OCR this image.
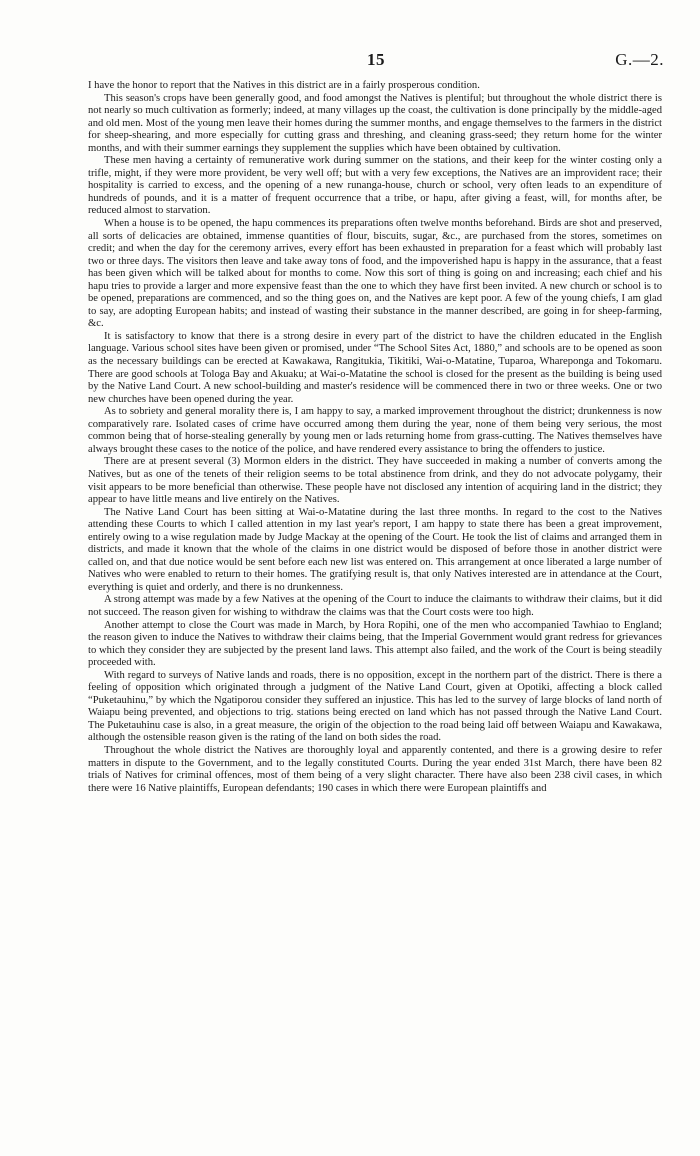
15	G.—2.

I have the honor to report that the Natives in this district are in a fairly prosperous condition.

This season's crops have been generally good, and food amongst the Natives is plentiful; but throughout the whole district there is not nearly so much cultivation as formerly; indeed, at many villages up the coast, the cultivation is done principally by the middle-aged and old men. Most of the young men leave their homes during the summer months, and engage themselves to the farmers in the district for sheep-shearing, and more especially for cutting grass and threshing, and cleaning grass-seed; they return home for the winter months, and with their summer earnings they supplement the supplies which have been obtained by cultivation.

These men having a certainty of remunerative work during summer on the stations, and their keep for the winter costing only a trifle, might, if they were more provident, be very well off; but with a very few exceptions, the Natives are an improvident race; their hospitality is carried to excess, and the opening of a new runanga-house, church or school, very often leads to an expenditure of hundreds of pounds, and it is a matter of frequent occurrence that a tribe, or hapu, after giving a feast, will, for months after, be reduced almost to starvation.

When a house is to be opened, the hapu commences its preparations often twelve months beforehand. Birds are shot and preserved, all sorts of delicacies are obtained, immense quantities of flour, biscuits, sugar, &c., are purchased from the stores, sometimes on credit; and when the day for the ceremony arrives, every effort has been exhausted in preparation for a feast which will probably last two or three days. The visitors then leave and take away tons of food, and the impoverished hapu is happy in the assurance, that a feast has been given which will be talked about for months to come. Now this sort of thing is going on and increasing; each chief and his hapu tries to provide a larger and more expensive feast than the one to which they have first been invited. A new church or school is to be opened, preparations are commenced, and so the thing goes on, and the Natives are kept poor. A few of the young chiefs, I am glad to say, are adopting European habits; and instead of wasting their substance in the manner described, are going in for sheep-farming, &c.

It is satisfactory to know that there is a strong desire in every part of the district to have the children educated in the English language. Various school sites have been given or promised, under “The School Sites Act, 1880,” and schools are to be opened as soon as the necessary buildings can be erected at Kawakawa, Rangitukia, Tikitiki, Wai-o-Matatine, Tuparoa, Whareponga and Tokomaru. There are good schools at Tologa Bay and Akuaku; at Wai-o-Matatine the school is closed for the present as the building is being used by the Native Land Court. A new school-building and master's residence will be commenced there in two or three weeks. One or two new churches have been opened during the year.

As to sobriety and general morality there is, I am happy to say, a marked improvement throughout the district; drunkenness is now comparatively rare. Isolated cases of crime have occurred among them during the year, none of them being very serious, the most common being that of horse-stealing generally by young men or lads returning home from grass-cutting. The Natives themselves have always brought these cases to the notice of the police, and have rendered every assistance to bring the offenders to justice.

There are at present several (3) Mormon elders in the district. They have succeeded in making a number of converts among the Natives, but as one of the tenets of their religion seems to be total abstinence from drink, and they do not advocate polygamy, their visit appears to be more beneficial than otherwise. These people have not disclosed any intention of acquiring land in the district; they appear to have little means and live entirely on the Natives.

The Native Land Court has been sitting at Wai-o-Matatine during the last three months. In regard to the cost to the Natives attending these Courts to which I called attention in my last year's report, I am happy to state there has been a great improvement, entirely owing to a wise regulation made by Judge Mackay at the opening of the Court. He took the list of claims and arranged them in districts, and made it known that the whole of the claims in one district would be disposed of before those in another district were called on, and that due notice would be sent before each new list was entered on. This arrangement at once liberated a large number of Natives who were enabled to return to their homes. The gratifying result is, that only Natives interested are in attendance at the Court, everything is quiet and orderly, and there is no drunkenness.

A strong attempt was made by a few Natives at the opening of the Court to induce the claimants to withdraw their claims, but it did not succeed. The reason given for wishing to withdraw the claims was that the Court costs were too high.

Another attempt to close the Court was made in March, by Hora Ropihi, one of the men who accompanied Tawhiao to England; the reason given to induce the Natives to withdraw their claims being, that the Imperial Government would grant redress for grievances to which they consider they are subjected by the present land laws. This attempt also failed, and the work of the Court is being steadily proceeded with.

With regard to surveys of Native lands and roads, there is no opposition, except in the northern part of the district. There is there a feeling of opposition which originated through a judgment of the Native Land Court, given at Opotiki, affecting a block called “Puketauhinu,” by which the Ngatiporou consider they suffered an injustice. This has led to the survey of large blocks of land north of Waiapu being prevented, and objections to trig. stations being erected on land which has not passed through the Native Land Court. The Puketauhinu case is also, in a great measure, the origin of the objection to the road being laid off between Waiapu and Kawakawa, although the ostensible reason given is the rating of the land on both sides the road.

Throughout the whole district the Natives are thoroughly loyal and apparently contented, and there is a growing desire to refer matters in dispute to the Government, and to the legally constituted Courts. During the year ended 31st March, there have been 82 trials of Natives for criminal offences, most of them being of a very slight character. There have also been 238 civil cases, in which there were 16 Native plaintiffs, European defendants; 190 cases in which there were European plaintiffs and
